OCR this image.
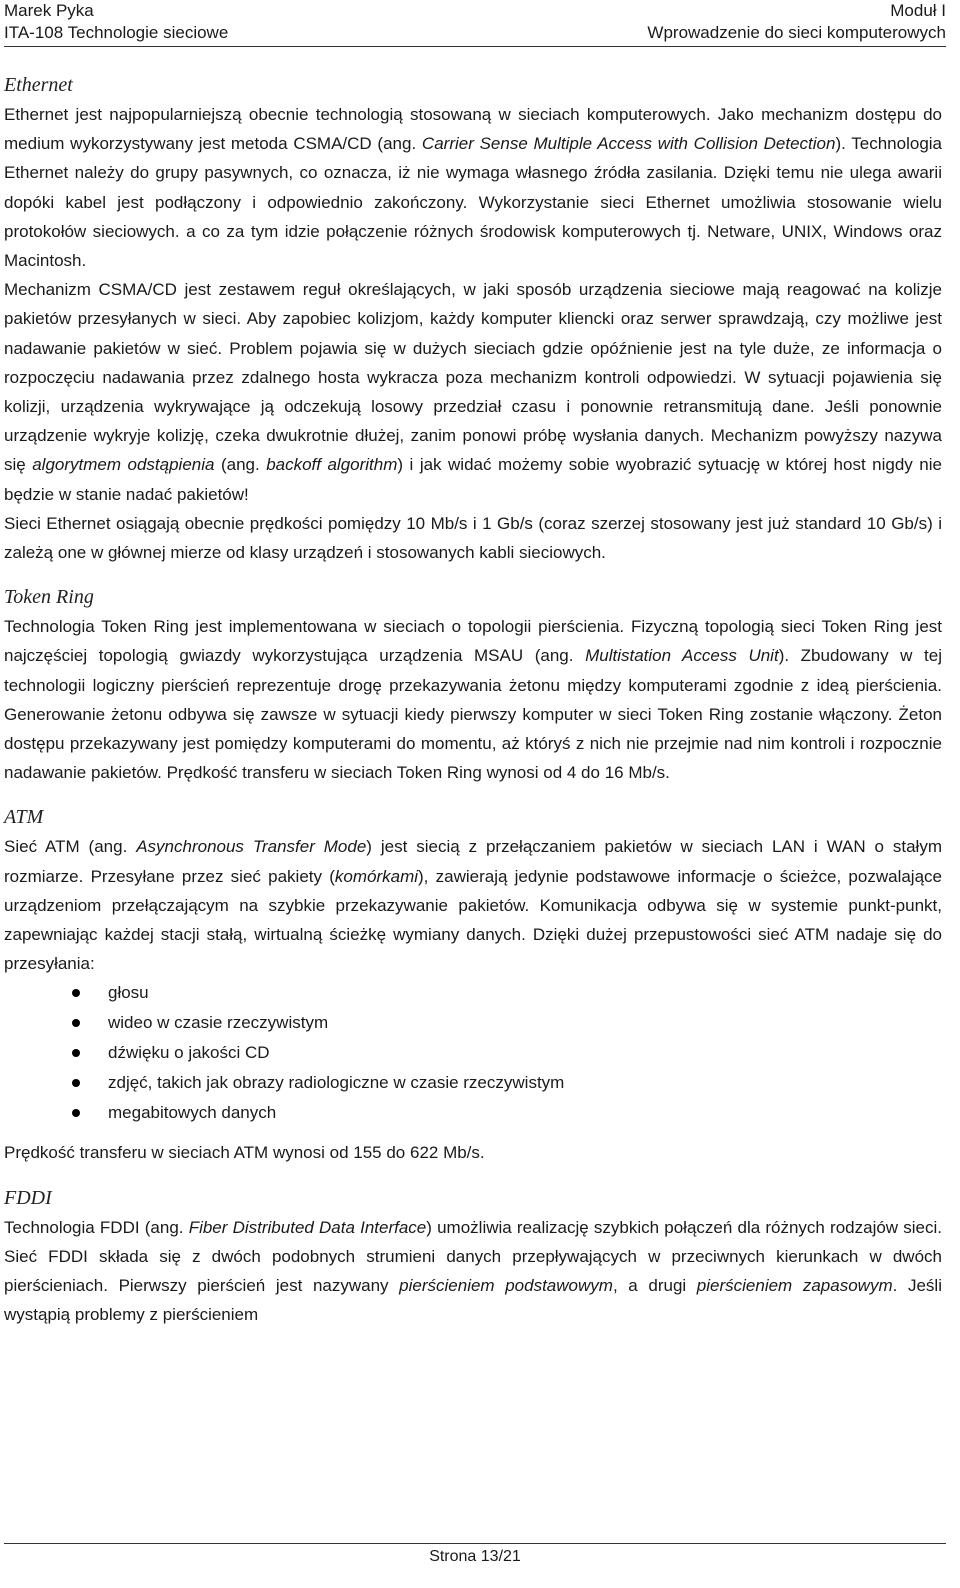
Marek Pyka	Moduł I
ITA-108 Technologie sieciowe	Wprowadzenie do sieci komputerowych
Ethernet

Ethernet jest najpopularniejszą obecnie technologią stosowaną w sieciach komputerowych. Jako mechanizm dostępu do medium wykorzystywany jest metoda CSMA/CD (ang. Carrier Sense Multiple Access with Collision Detection). Technologia Ethernet należy do grupy pasywnych, co oznacza, iż nie wymaga własnego źródła zasilania. Dzięki temu nie ulega awarii dopóki kabel jest podłączony i odpowiednio zakończony. Wykorzystanie sieci Ethernet umożliwia stosowanie wielu protokołów sieciowych. a co za tym idzie połączenie różnych środowisk komputerowych tj. Netware, UNIX, Windows oraz Macintosh.

Mechanizm CSMA/CD jest zestawem reguł określających, w jaki sposób urządzenia sieciowe mają reagować na kolizje pakietów przesyłanych w sieci. Aby zapobiec kolizjom, każdy komputer kliencki oraz serwer sprawdzają, czy możliwe jest nadawanie pakietów w sieć. Problem pojawia się w dużych sieciach gdzie opóźnienie jest na tyle duże, ze informacja o rozpoczęciu nadawania przez zdalnego hosta wykracza poza mechanizm kontroli odpowiedzi. W sytuacji pojawienia się kolizji, urządzenia wykrywające ją odczekują losowy przedział czasu i ponownie retransmitują dane. Jeśli ponownie urządzenie wykryje kolizję, czeka dwukrotnie dłużej, zanim ponowi próbę wysłania danych. Mechanizm powyższy nazywa się algorytmem odstąpienia (ang. backoff algorithm) i jak widać możemy sobie wyobrazić sytuację w której host nigdy nie będzie w stanie nadać pakietów!

Sieci Ethernet osiągają obecnie prędkości pomiędzy 10 Mb/s i 1 Gb/s (coraz szerzej stosowany jest już standard 10 Gb/s) i zależą one w głównej mierze od klasy urządzeń i stosowanych kabli sieciowych.

Token Ring

Technologia Token Ring jest implementowana w sieciach o topologii pierścienia. Fizyczną topologią sieci Token Ring jest najczęściej topologią gwiazdy wykorzystująca urządzenia MSAU (ang. Multistation Access Unit). Zbudowany w tej technologii logiczny pierścień reprezentuje drogę przekazywania żetonu między komputerami zgodnie z ideą pierścienia. Generowanie żetonu odbywa się zawsze w sytuacji kiedy pierwszy komputer w sieci Token Ring zostanie włączony. Żeton dostępu przekazywany jest pomiędzy komputerami do momentu, aż któryś z nich nie przejmie nad nim kontroli i rozpocznie nadawanie pakietów. Prędkość transferu w sieciach Token Ring wynosi od 4 do 16 Mb/s.

ATM

Sieć ATM (ang. Asynchronous Transfer Mode) jest siecią z przełączaniem pakietów w sieciach LAN i WAN o stałym rozmiarze. Przesyłane przez sieć pakiety (komórkami), zawierają jedynie podstawowe informacje o ścieżce, pozwalające urządzeniom przełączającym na szybkie przekazywanie pakietów. Komunikacja odbywa się w systemie punkt-punkt, zapewniając każdej stacji stałą, wirtualną ścieżkę wymiany danych. Dzięki dużej przepustowości sieć ATM nadaje się do przesyłania:

głosu
wideo w czasie rzeczywistym
dźwięku o jakości CD
zdjęć, takich jak obrazy radiologiczne w czasie rzeczywistym
megabitowych danych

Prędkość transferu w sieciach ATM wynosi od 155 do 622 Mb/s.

FDDI

Technologia FDDI (ang. Fiber Distributed Data Interface) umożliwia realizację szybkich połączeń dla różnych rodzajów sieci. Sieć FDDI składa się z dwóch podobnych strumieni danych przepływających w przeciwnych kierunkach w dwóch pierścieniach. Pierwszy pierścień jest nazywany pierścieniem podstawowym, a drugi pierścieniem zapasowym. Jeśli wystąpią problemy z pierścieniem

Strona 13/21
